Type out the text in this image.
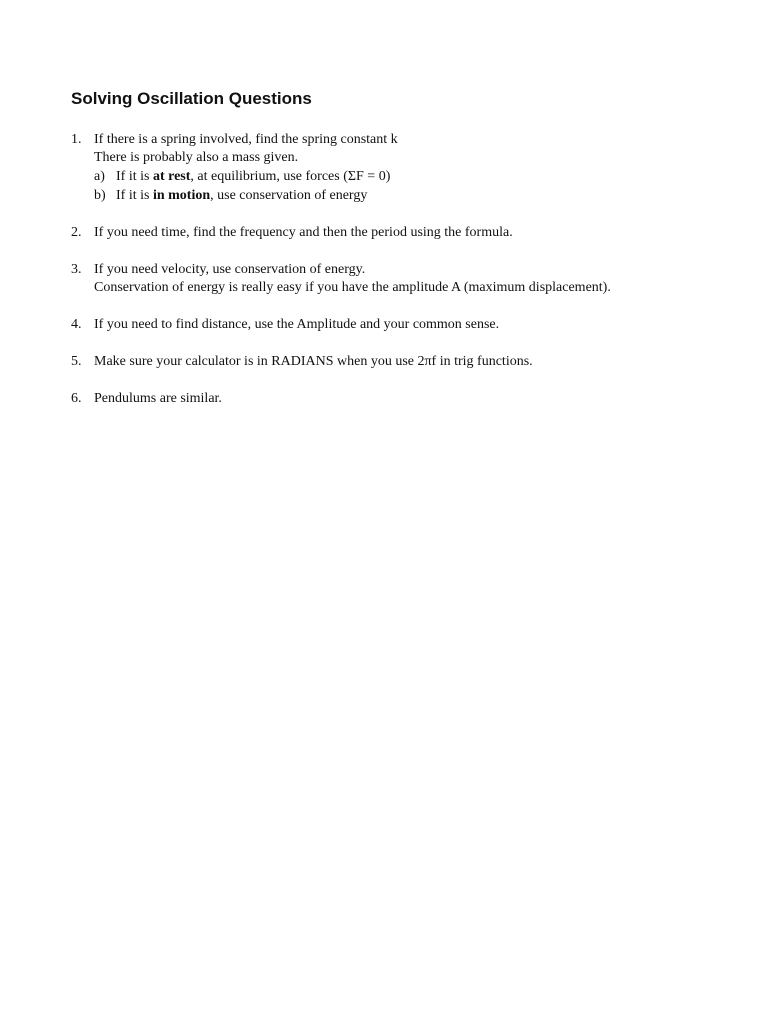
Solving Oscillation Questions
1. If there is a spring involved, find the spring constant k
There is probably also a mass given.
a) If it is at rest, at equilibrium, use forces (ΣF = 0)
b) If it is in motion, use conservation of energy
2. If you need time, find the frequency and then the period using the formula.
3. If you need velocity, use conservation of energy.
Conservation of energy is really easy if you have the amplitude A (maximum displacement).
4. If you need to find distance, use the Amplitude and your common sense.
5. Make sure your calculator is in RADIANS when you use 2πf in trig functions.
6. Pendulums are similar.
